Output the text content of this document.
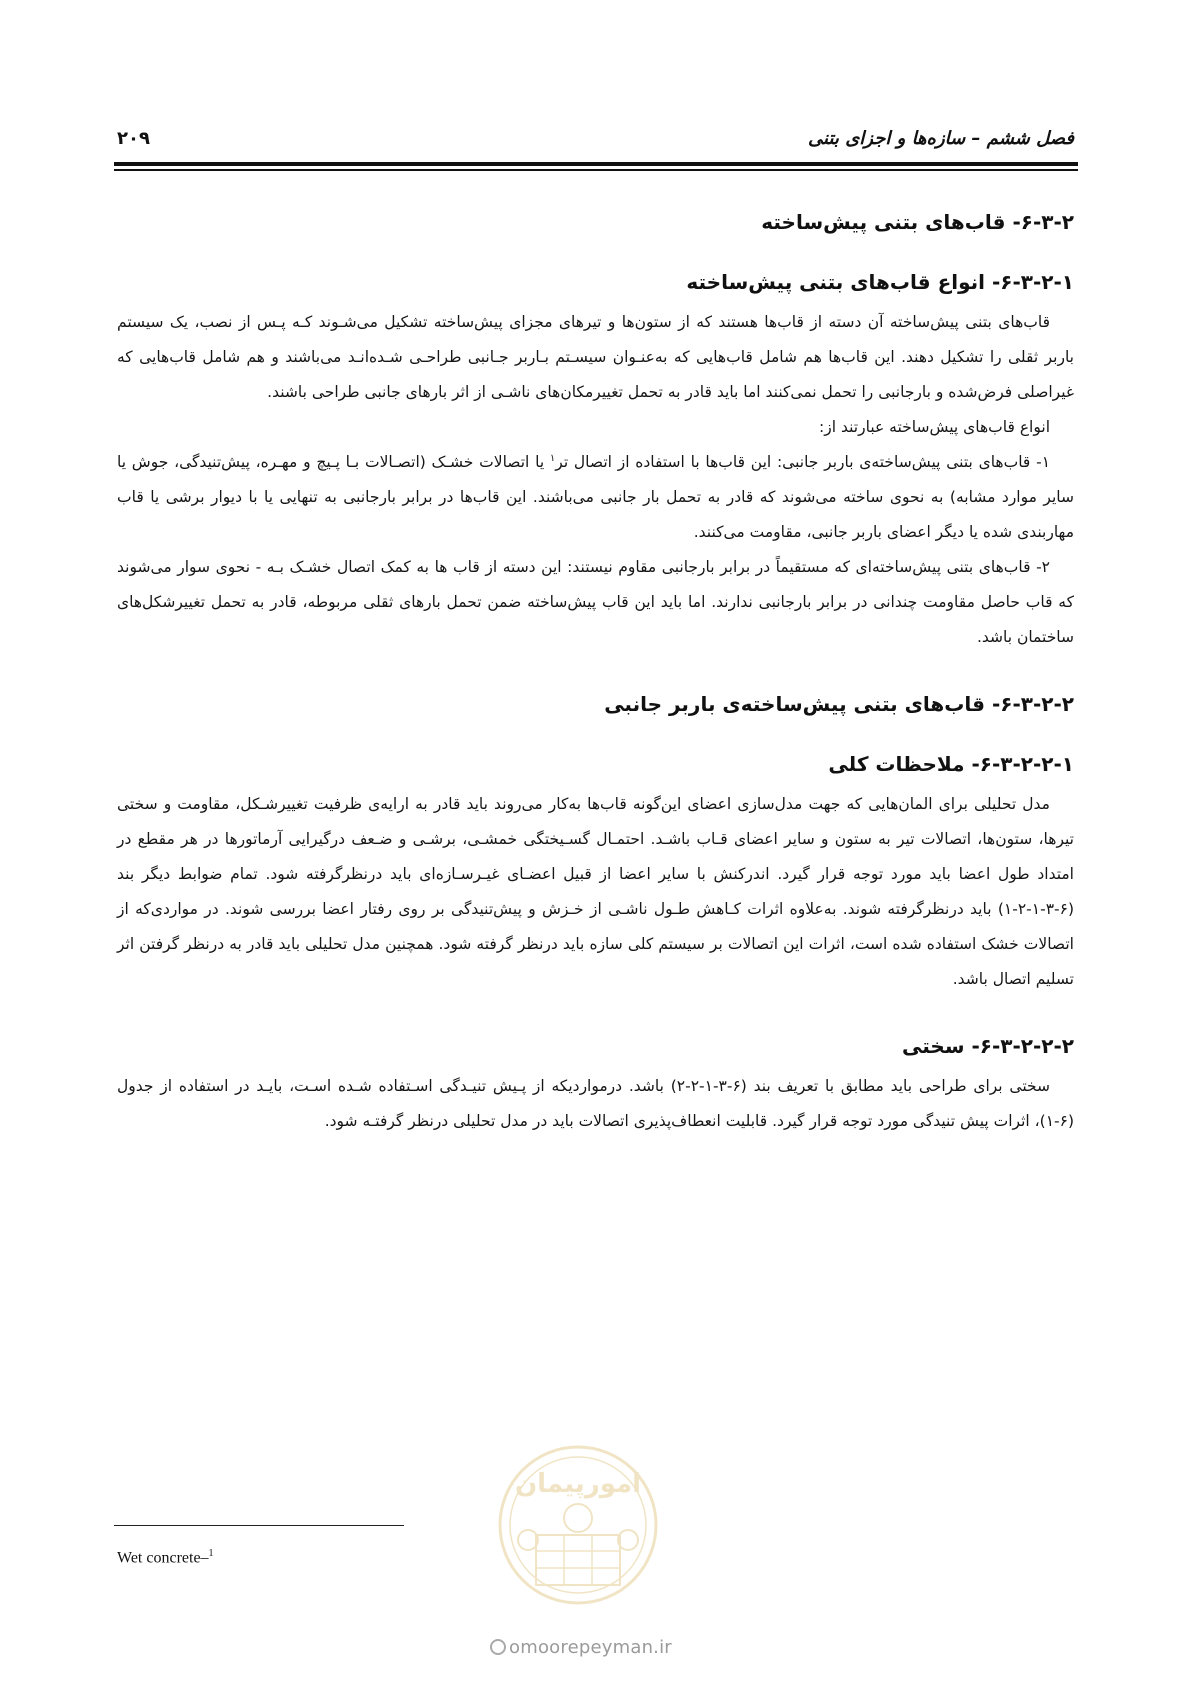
فصل ششم – سازه‌ها و اجزای بتنی
۲۰۹
۶-۳-۲- قاب‌های بتنی پیش‌ساخته
۶-۳-۲-۱- انواع قاب‌های بتنی پیش‌ساخته

قاب‌های بتنی پیش‌ساخته آن دسته از قاب‌ها هستند که از ستون‌ها و تیرهای مجزای پیش‌ساخته تشکیل می‌شـوند کـه پـس از نصب، یک سیستم باربر ثقلی را تشکیل دهند. این قاب‌ها هم شامل قاب‌هایی که به‌عنـوان سیسـتم بـاربر جـانبی طراحـی شـده‌انـد می‌باشند و هم شامل قاب‌هایی که غیراصلی فرض‌شده و بارجانبی را تحمل نمی‌کنند اما باید قادر به تحمل تغییرمکان‌های ناشـی از اثر بارهای جانبی طراحی باشند.

انواع قاب‌های پیش‌ساخته عبارتند از:

۱- قاب‌های بتنی پیش‌ساخته‌ی باربر جانبی: این قاب‌ها با استفاده از اتصال تر$^۱$ یا اتصالات خشـک (اتصـالات بـا پـیچ و مهـره، پیش‌تنیدگی، جوش یا سایر موارد مشابه) به نحوی ساخته می‌شوند که قادر به تحمل بار جانبی می‌باشند. این قاب‌ها در برابر بارجانبی به تنهایی یا با دیوار برشی یا قاب مهاربندی شده یا دیگر اعضای باربر جانبی، مقاومت می‌کنند.

۲- قاب‌های بتنی پیش‌ساخته‌ای که مستقیماً در برابر بارجانبی مقاوم نیستند: این دسته از قاب ها به کمک اتصال خشـک بـه - نحوی سوار می‌شوند که قاب حاصل مقاومت چندانی در برابر بارجانبی ندارند. اما باید این قاب پیش‌ساخته ضمن تحمل بارهای ثقلی مربوطه، قادر به تحمل تغییرشکل‌های ساختمان باشد.

۶-۳-۲-۲- قاب‌های بتنی پیش‌ساخته‌ی باربر جانبی
۶-۳-۲-۲-۱- ملاحظات کلی

مدل تحلیلی برای المان‌هایی که جهت مدل‌سازی اعضای این‌گونه قاب‌ها به‌کار می‌روند باید قادر به ارایه‌ی ظرفیت تغییرشـکل، مقاومت و سختی تیرها، ستون‌ها، اتصالات تیر به ستون و سایر اعضای قـاب باشـد. احتمـال گسـیختگی خمشـی، برشـی و ضـعف درگیرایی آرماتورها در هر مقطع در امتداد طول اعضا باید مورد توجه قرار گیرد. اندرکنش با سایر اعضا از قبیل اعضـای غیـرسـازه‌ای باید درنظرگرفته شود. تمام ضوابط دیگر بند (۶-۳-۱-۲-۱) باید درنظرگرفته شوند. به‌علاوه اثرات کـاهش طـول ناشـی از خـزش و پیش‌تنیدگی بر روی رفتار اعضا بررسی شوند. در مواردی‌که از اتصالات خشک استفاده شده است، اثرات این اتصالات بر سیستم کلی سازه باید درنظر گرفته شود. همچنین مدل تحلیلی باید قادر به درنظر گرفتن اثر تسلیم اتصال باشد.

۶-۳-۲-۲-۲- سختی

سختی برای طراحی باید مطابق با تعریف بند (۶-۳-۱-۲-۲) باشد. درمواردیکه از پـیش تنیـدگی اسـتفاده شـده اسـت، بایـد در استفاده از جدول (۶-۱)، اثرات پیش تنیدگی مورد توجه قرار گیرد. قابلیت انعطاف‌پذیری اتصالات باید در مدل تحلیلی درنظر گرفتـه شود.

امورپیمان
Wet concrete–$^1$
omoorepeyman.ir
